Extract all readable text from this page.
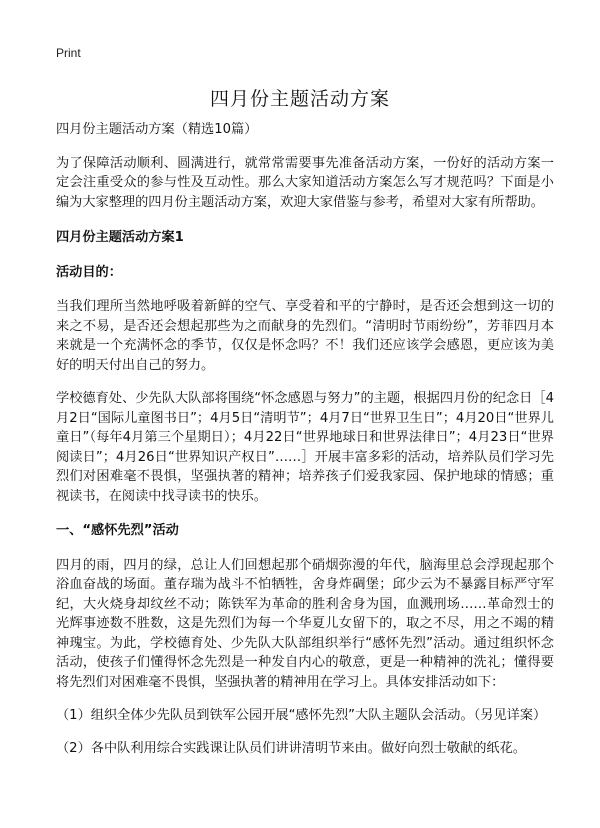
Print
四月份主题活动方案

四月份主题活动方案（精选10篇）

为了保障活动顺利、圆满进行，就常常需要事先准备活动方案，一份好的活动方案一定会注重受众的参与性及互动性。那么大家知道活动方案怎么写才规范吗？下面是小编为大家整理的四月份主题活动方案，欢迎大家借鉴与参考，希望对大家有所帮助。

四月份主题活动方案1

活动目的：

当我们理所当然地呼吸着新鲜的空气、享受着和平的宁静时，是否还会想到这一切的来之不易，是否还会想起那些为之而献身的先烈们。“清明时节雨纷纷”，芳菲四月本来就是一个充满怀念的季节，仅仅是怀念吗？不！我们还应该学会感恩，更应该为美好的明天付出自己的努力。

学校德育处、少先队大队部将围绕“怀念感恩与努力”的主题，根据四月份的纪念日［4月2日“国际儿童图书日”；4月5日“清明节”；4月7日“世界卫生日”；4月20日“世界儿童日”（每年4月第三个星期日）；4月22日“世界地球日和世界法律日”；4月23日“世界阅读日”；4月26日“世界知识产权日”……］开展丰富多彩的活动，培养队员们学习先烈们对困难毫不畏惧，坚强执著的精神；培养孩子们爱我家园、保护地球的情感；重视读书，在阅读中找寻读书的快乐。

一、“感怀先烈”活动

四月的雨，四月的绿，总让人们回想起那个硝烟弥漫的年代，脑海里总会浮现起那个浴血奋战的场面。董存瑞为战斗不怕牺牲，舍身炸碉堡；邱少云为不暴露目标严守军纪，大火烧身却纹丝不动；陈铁军为革命的胜利舍身为国，血溅刑场……革命烈士的光辉事迹数不胜数，这是先烈们为每一个华夏儿女留下的，取之不尽，用之不竭的精神瑰宝。为此，学校德育处、少先队大队部组织举行“感怀先烈”活动。通过组织怀念活动，使孩子们懂得怀念先烈是一种发自内心的敬意，更是一种精神的洗礼；懂得要将先烈们对困难毫不畏惧，坚强执著的精神用在学习上。具体安排活动如下：

（1）组织全体少先队员到铁军公园开展“感怀先烈”大队主题队会活动。（另见详案）

（2）各中队利用综合实践课让队员们讲讲清明节来由。做好向烈士敬献的纸花。
